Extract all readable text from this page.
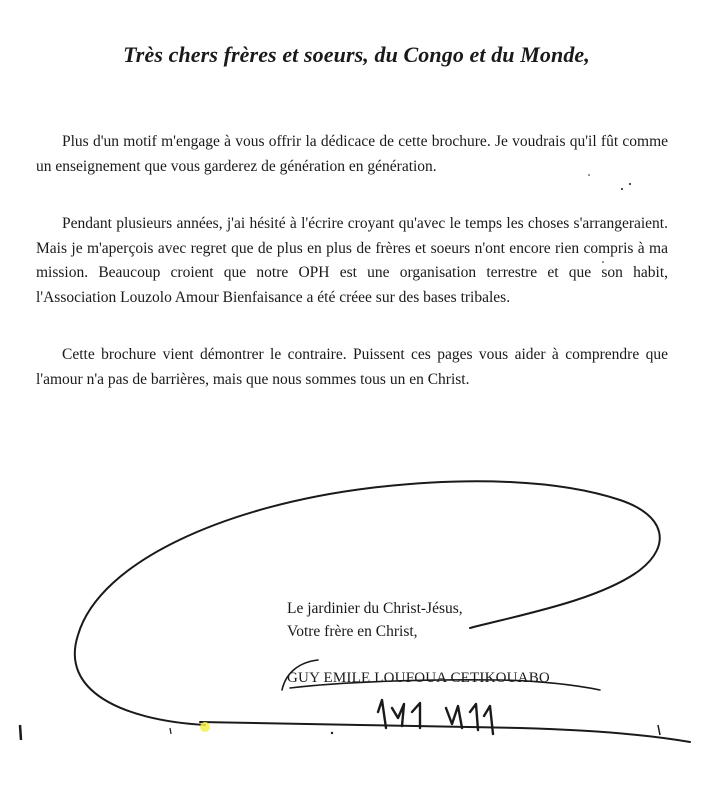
Très chers frères et soeurs, du Congo et du Monde,

Plus d'un motif m'engage à vous offrir la dédicace de cette brochure. Je voudrais qu'il fût comme un enseignement que vous garderez de génération en génération.

Pendant plusieurs années, j'ai hésité à l'écrire croyant qu'avec le temps les choses s'arrangeraient. Mais je m'aperçois avec regret que de plus en plus de frères et soeurs n'ont encore rien compris à ma mission. Beaucoup croient que notre OPH est une organisation terrestre et que son habit, l'Association Louzolo Amour Bienfaisance a été créee sur des bases tribales.

Cette brochure vient démontrer le contraire. Puissent ces pages vous aider à comprendre que l'amour n'a pas de barrières, mais que nous sommes tous un en Christ.

Le jardinier du Christ-Jésus,
Votre frère en Christ,
GUY EMILE LOUFOUA CETIKOUABO
